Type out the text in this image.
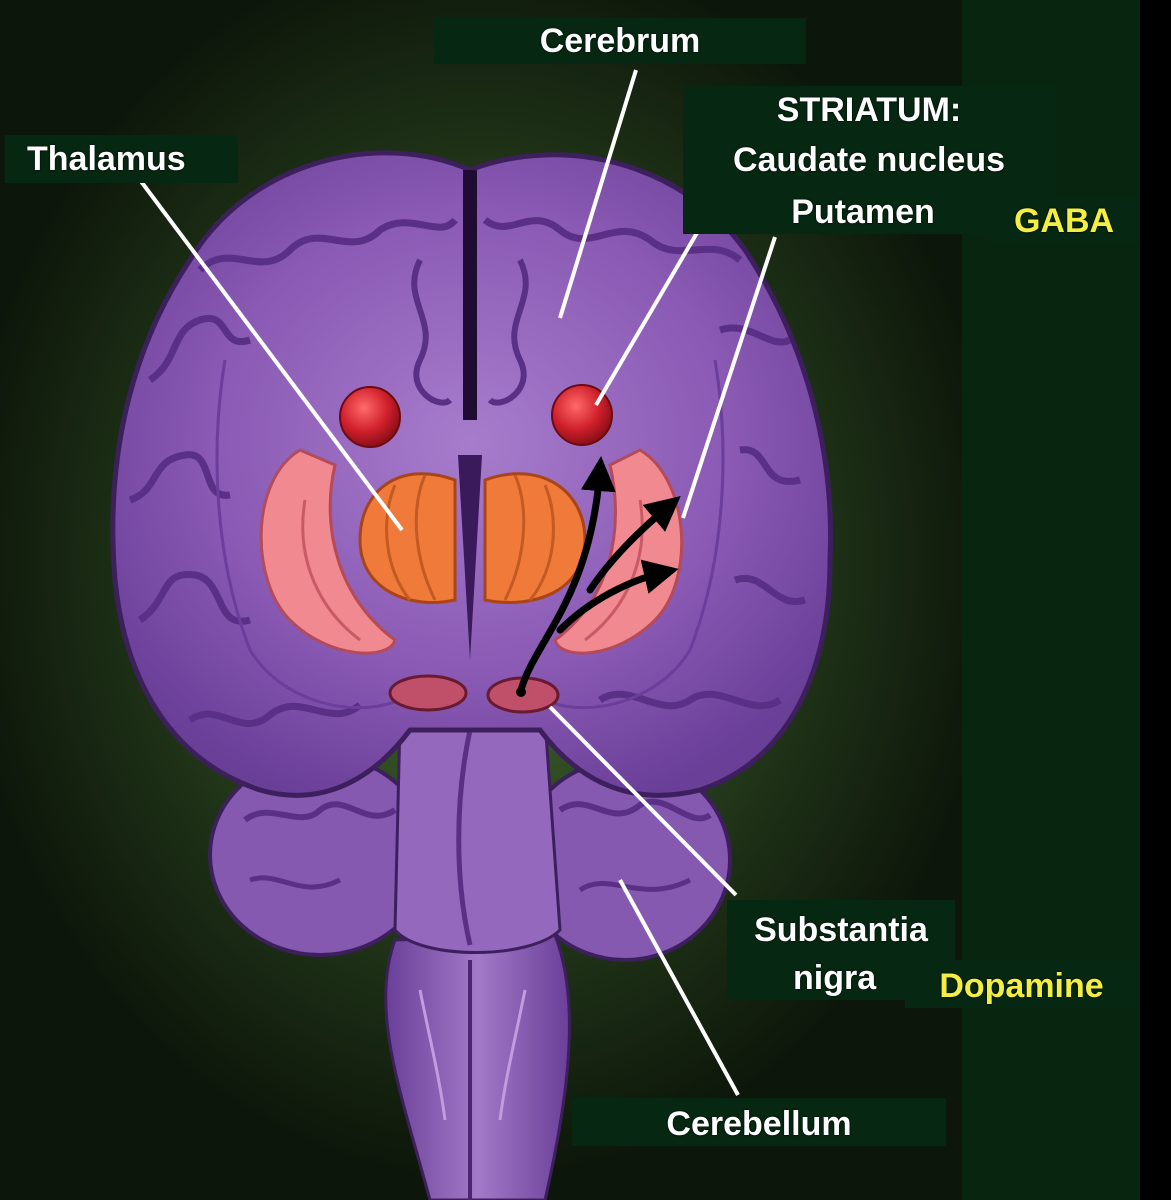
Cerebrum
Thalamus
STRIATUM:
Caudate nucleus
Putamen	GABA
Substantia
nigra	Dopamine
Cerebellum
